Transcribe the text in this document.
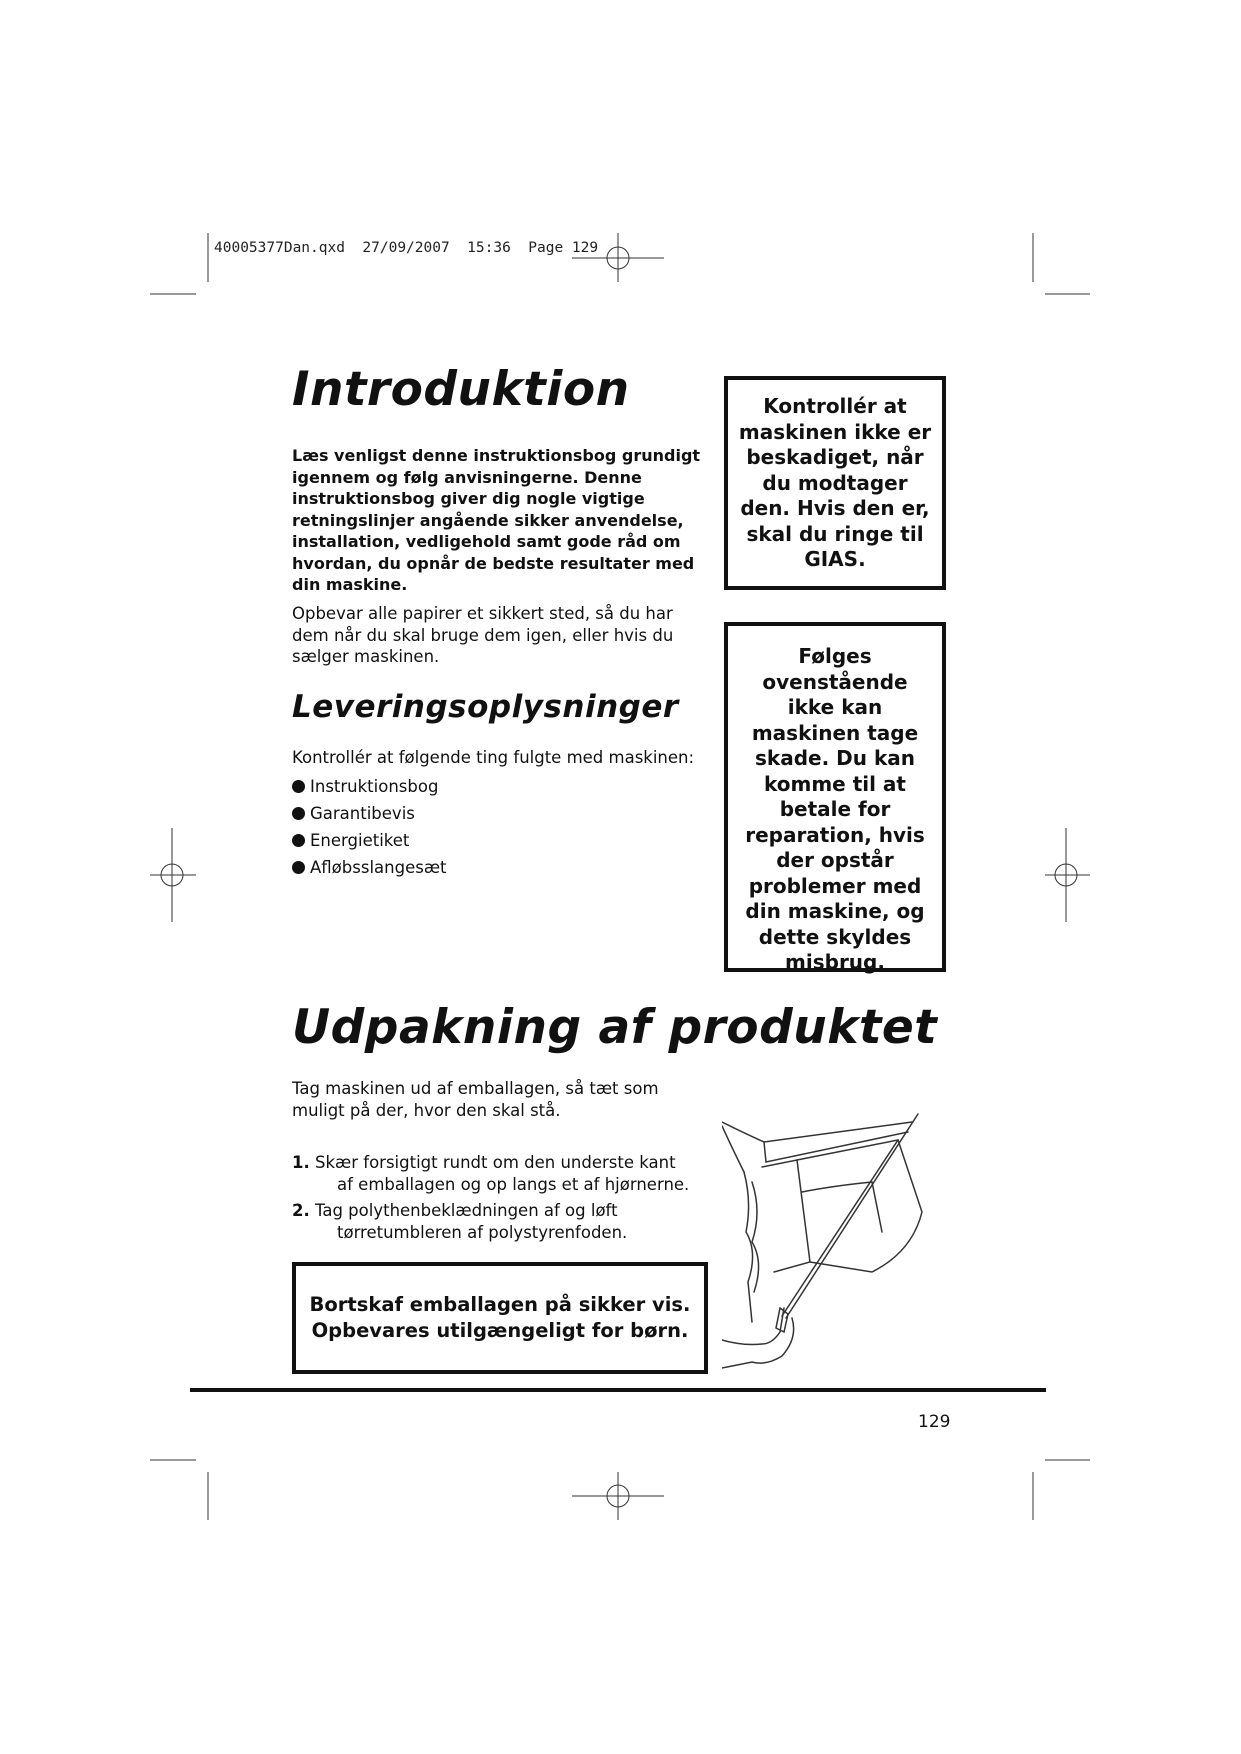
40005377Dan.qxd  27/09/2007  15:36  Page 129
Introduktion
Læs venligst denne instruktionsbog grundigt igennem og følg anvisningerne. Denne instruktionsbog giver dig nogle vigtige retningslinjer angående sikker anvendelse, installation, vedligehold samt gode råd om hvordan, du opnår de bedste resultater med din maskine.
Opbevar alle papirer et sikkert sted, så du har dem når du skal bruge dem igen, eller hvis du sælger maskinen.
Leveringsoplysninger
Kontrollér at følgende ting fulgte med maskinen:
Instruktionsbog
Garantibevis
Energietiket
Afløbsslangesæt
Kontrollér at maskinen ikke er beskadiget, når du modtager den. Hvis den er, skal du ringe til GIAS.
Følges ovenstående ikke kan maskinen tage skade. Du kan komme til at betale for reparation, hvis der opstår problemer med din maskine, og dette skyldes misbrug.
Udpakning af produktet
Tag maskinen ud af emballagen, så tæt som muligt på der, hvor den skal stå.
1. Skær forsigtigt rundt om den underste kant
af emballagen og op langs et af hjørnerne.
2. Tag polythenbeklædningen af og løft
tørretumbleren af polystyrenfoden.
Bortskaf emballagen på sikker vis.
Opbevares utilgængeligt for børn.
129
